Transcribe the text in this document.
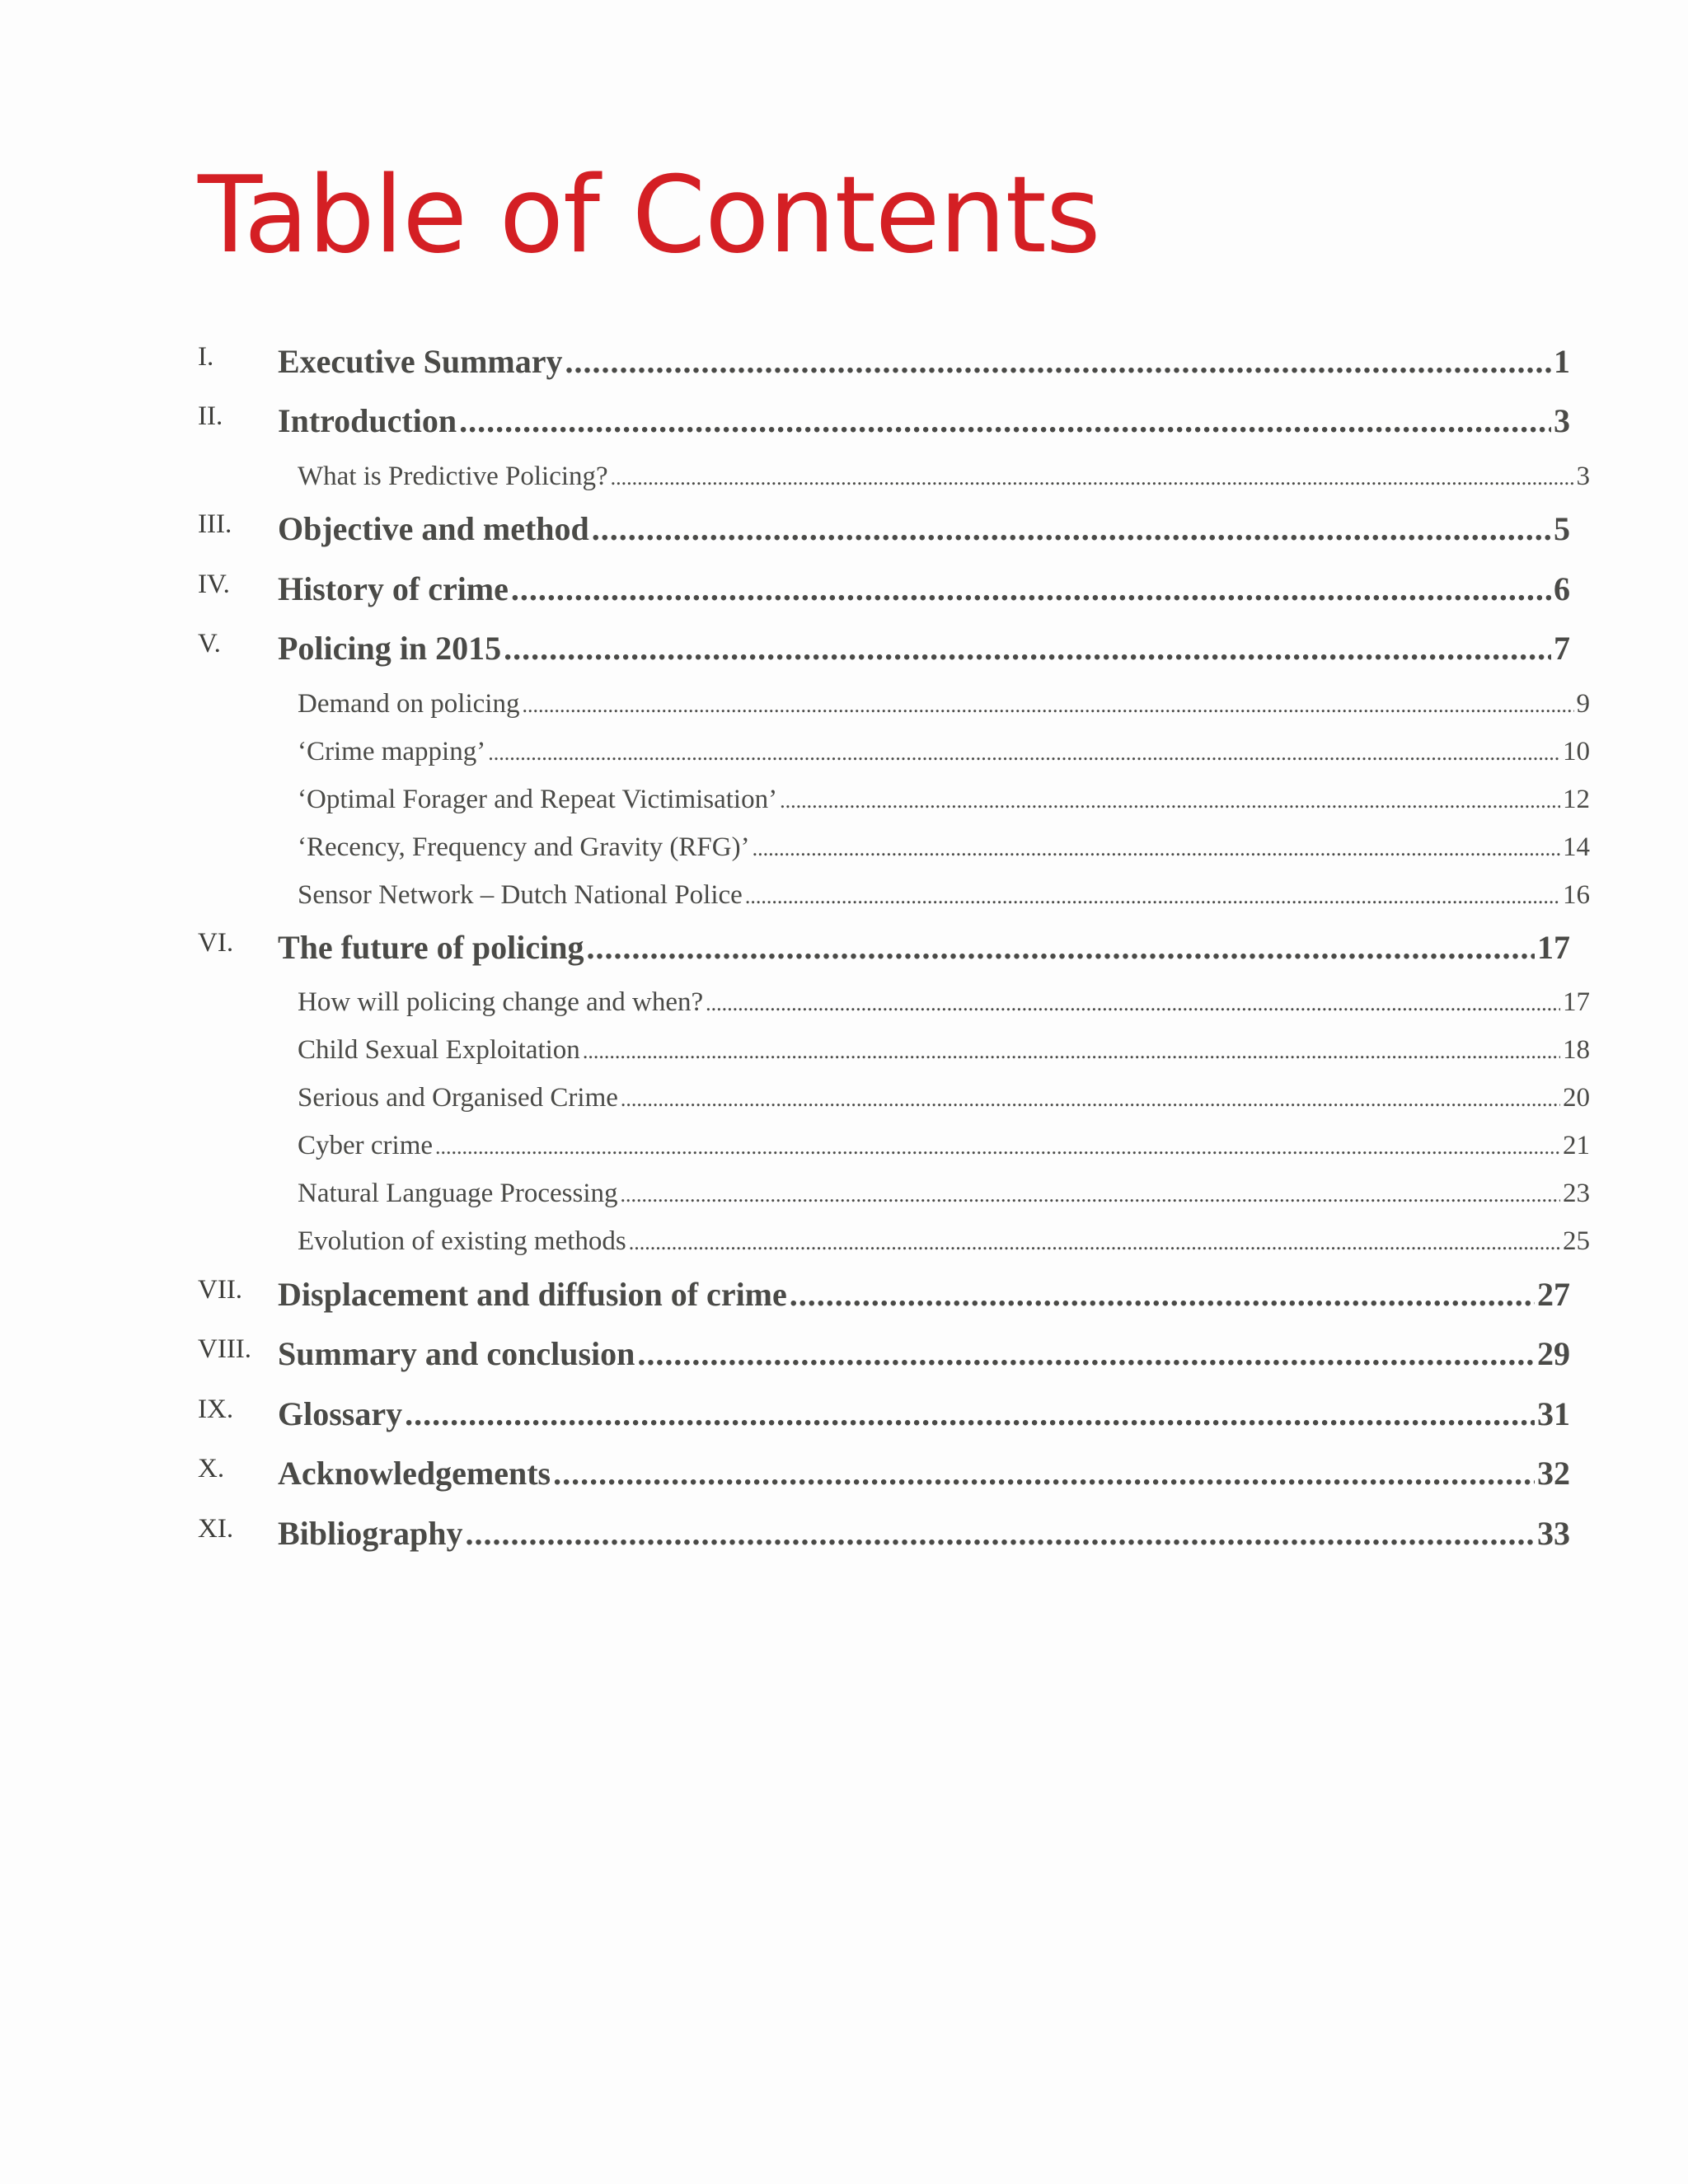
Table of Contents
I. Executive Summary .....	1
II. Introduction .....	3
What is Predictive Policing? .....	3
III. Objective and method .....	5
IV. History of crime .....	6
V. Policing in 2015 .....	7
Demand on policing .....	9
‘Crime mapping’ .....	10
‘Optimal Forager and Repeat Victimisation’ .....	12
‘Recency, Frequency and Gravity (RFG)’ .....	14
Sensor Network – Dutch National Police .....	16
VI. The future of policing .....	17
How will policing change and when? .....	17
Child Sexual Exploitation .....	18
Serious and Organised Crime .....	20
Cyber crime .....	21
Natural Language Processing .....	23
Evolution of existing methods .....	25
VII. Displacement and diffusion of crime .....	27
VIII. Summary and conclusion .....	29
IX. Glossary .....	31
X. Acknowledgements .....	32
XI. Bibliography .....	33
